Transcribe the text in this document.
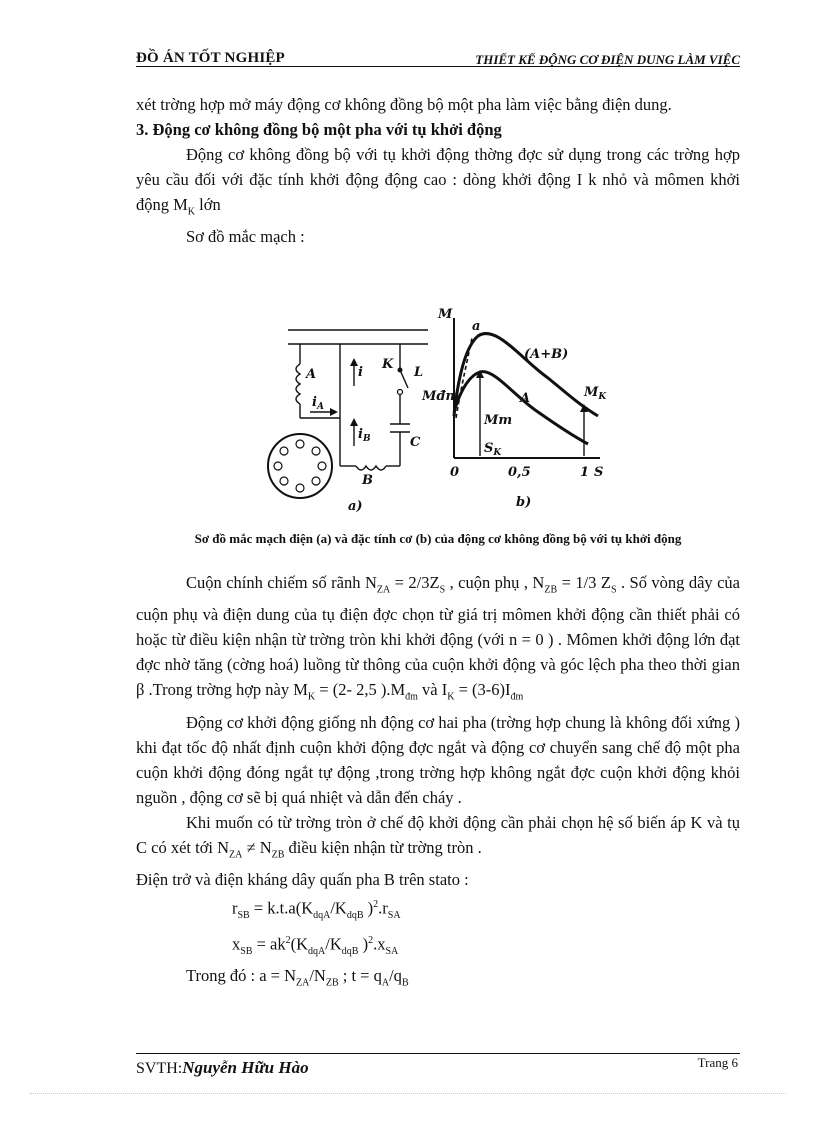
ĐỒ ÁN TỐT NGHIỆP	THIẾT KẾ ĐỘNG CƠ ĐIỆN DUNG LÀM VIỆC

xét trờng hợp mở máy động cơ không đồng bộ một pha làm việc bằng điện dung.

3. Động cơ không đồng bộ một pha với tụ khởi động

Động cơ không đồng bộ với tụ khởi động thờng đợc sử dụng trong các trờng hợp yêu cầu đối với đặc tính khởi động động cao : dòng khởi động I k nhỏ và mômen khởi động $M_K$ lớn

Sơ đồ mắc mạch :

A	i
$i_A$
$i_B$
K
L
C
B
a)
M
a
(A+B)
A
Mđm
Mm
$S_K$
$M_K$
0	0,5	1 S
b)
Sơ đồ mắc mạch điện (a) và đặc tính cơ (b) của động cơ không đồng bộ với tụ khởi động

Cuộn chính chiếm số rãnh $N_{ZA} = 2/3Z_S$ , cuộn phụ , $N_{ZB} = 1/3$ $Z_S$ . Số vòng dây của cuộn phụ và điện dung của tụ điện đợc chọn từ giá trị mômen khởi động cần thiết phải có hoặc từ điều kiện nhận từ trờng tròn khi khởi động (với n = 0 ) . Mômen khởi động lớn đạt đợc nhờ tăng (cờng hoá) luồng từ thông của cuộn khởi động và góc lệch pha theo thời gian β .Trong trờng hợp này $M_K = (2-$ 2,5 )$.M_{đm}$ và $I_K = (3-6)I_{đm}$

Động cơ khởi động giống nh động cơ hai pha (trờng hợp chung là không đối xứng ) khi đạt tốc độ nhất định cuộn khởi động đợc ngắt và động cơ chuyển sang chế độ một pha cuộn khởi động đóng ngắt tự động ,trong trờng hợp không ngắt đợc cuộn khởi động khỏi nguồn , động cơ sẽ bị quá nhiệt và dẫn đến cháy .

Khi muốn có từ trờng tròn ở chế độ khởi động cần phải chọn hệ số biến áp K và tụ C có xét tới $N_{ZA} \ne N_{ZB}$ điều kiện nhận từ trờng tròn .

Điện trở và điện kháng dây quấn pha B trên stato :

$r_{SB} = k.t.a(K_{dqA}/K_{dqB}$ )$^2.r_{SA}$

$x_{SB} = ak^2(K_{dqA}/K_{dqB}$ )$^2.x_{SA}$

Trong đó : $a = N_{ZA}/N_{ZB}$ ; $t = q_A/q_B$

SVTH:Nguyễn Hữu Hào	Trang 6
